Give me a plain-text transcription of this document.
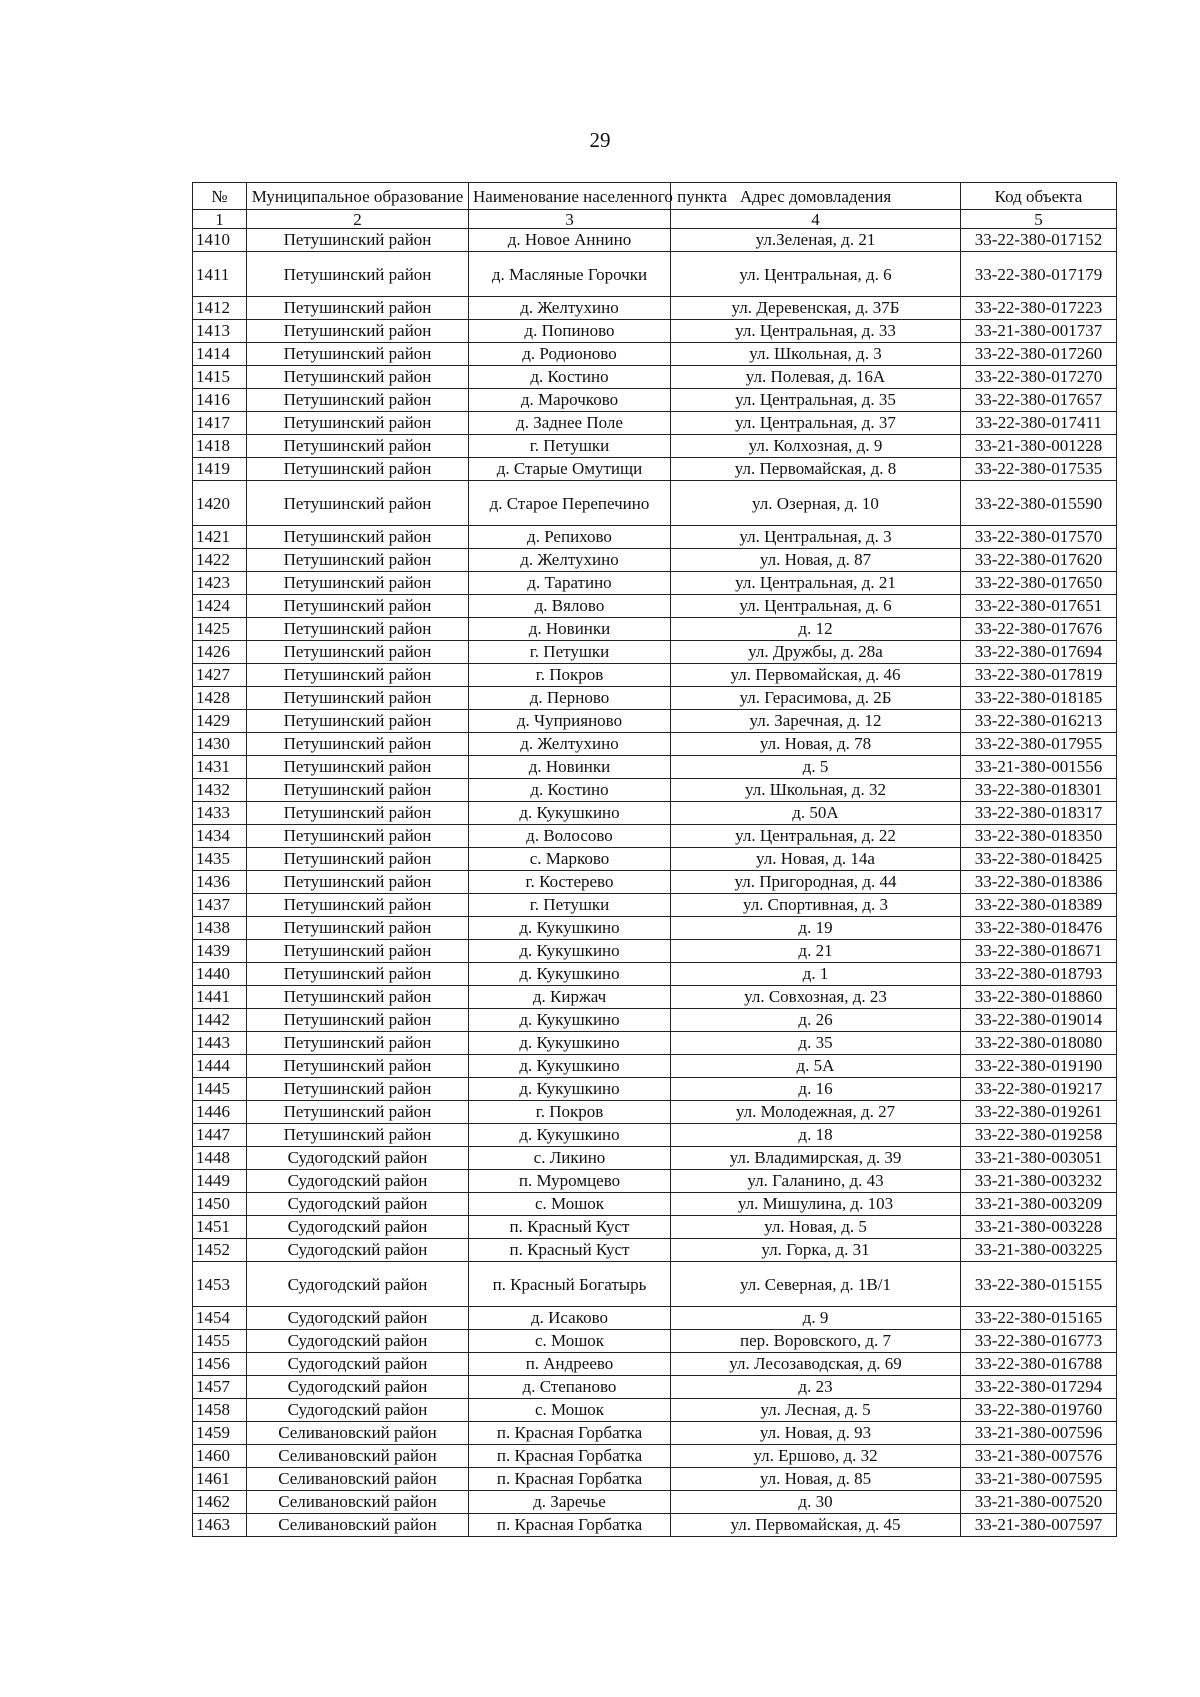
29
№	Муниципальное образование	Наименование населенного пункта	Адрес домовладения	Код объекта
1	2	3	4	5
1410	Петушинский район	д. Новое Аннино	ул.Зеленая, д. 21	33-22-380-017152
1411	Петушинский район	д. Масляные Горочки	ул. Центральная, д. 6	33-22-380-017179
1412	Петушинский район	д. Желтухино	ул. Деревенская, д. 37Б	33-22-380-017223
1413	Петушинский район	д. Попиново	ул. Центральная, д. 33	33-21-380-001737
1414	Петушинский район	д. Родионово	ул. Школьная, д. 3	33-22-380-017260
1415	Петушинский район	д. Костино	ул. Полевая, д. 16А	33-22-380-017270
1416	Петушинский район	д. Марочково	ул. Центральная, д. 35	33-22-380-017657
1417	Петушинский район	д. Заднее Поле	ул. Центральная, д. 37	33-22-380-017411
1418	Петушинский район	г. Петушки	ул. Колхозная, д. 9	33-21-380-001228
1419	Петушинский район	д. Старые Омутищи	ул. Первомайская, д. 8	33-22-380-017535
1420	Петушинский район	д. Старое Перепечино	ул. Озерная, д. 10	33-22-380-015590
1421	Петушинский район	д. Репихово	ул. Центральная, д. 3	33-22-380-017570
1422	Петушинский район	д. Желтухино	ул. Новая, д. 87	33-22-380-017620
1423	Петушинский район	д. Таратино	ул. Центральная, д. 21	33-22-380-017650
1424	Петушинский район	д. Вялово	ул. Центральная, д. 6	33-22-380-017651
1425	Петушинский район	д. Новинки	д. 12	33-22-380-017676
1426	Петушинский район	г. Петушки	ул. Дружбы, д. 28а	33-22-380-017694
1427	Петушинский район	г. Покров	ул. Первомайская, д. 46	33-22-380-017819
1428	Петушинский район	д. Перново	ул. Герасимова, д. 2Б	33-22-380-018185
1429	Петушинский район	д. Чуприяново	ул. Заречная, д. 12	33-22-380-016213
1430	Петушинский район	д. Желтухино	ул. Новая, д. 78	33-22-380-017955
1431	Петушинский район	д. Новинки	д. 5	33-21-380-001556
1432	Петушинский район	д. Костино	ул. Школьная, д. 32	33-22-380-018301
1433	Петушинский район	д. Кукушкино	д. 50А	33-22-380-018317
1434	Петушинский район	д. Волосово	ул. Центральная, д. 22	33-22-380-018350
1435	Петушинский район	с. Марково	ул. Новая, д. 14а	33-22-380-018425
1436	Петушинский район	г. Костерево	ул. Пригородная, д. 44	33-22-380-018386
1437	Петушинский район	г. Петушки	ул. Спортивная, д. 3	33-22-380-018389
1438	Петушинский район	д. Кукушкино	д. 19	33-22-380-018476
1439	Петушинский район	д. Кукушкино	д. 21	33-22-380-018671
1440	Петушинский район	д. Кукушкино	д. 1	33-22-380-018793
1441	Петушинский район	д. Киржач	ул. Совхозная, д. 23	33-22-380-018860
1442	Петушинский район	д. Кукушкино	д. 26	33-22-380-019014
1443	Петушинский район	д. Кукушкино	д. 35	33-22-380-018080
1444	Петушинский район	д. Кукушкино	д. 5А	33-22-380-019190
1445	Петушинский район	д. Кукушкино	д. 16	33-22-380-019217
1446	Петушинский район	г. Покров	ул. Молодежная, д. 27	33-22-380-019261
1447	Петушинский район	д. Кукушкино	д. 18	33-22-380-019258
1448	Судогодский район	с. Ликино	ул. Владимирская, д. 39	33-21-380-003051
1449	Судогодский район	п. Муромцево	ул. Галанино, д. 43	33-21-380-003232
1450	Судогодский район	с. Мошок	ул. Мишулина, д. 103	33-21-380-003209
1451	Судогодский район	п. Красный Куст	ул. Новая, д. 5	33-21-380-003228
1452	Судогодский район	п. Красный Куст	ул. Горка, д. 31	33-21-380-003225
1453	Судогодский район	п. Красный Богатырь	ул. Северная, д. 1В/1	33-22-380-015155
1454	Судогодский район	д. Исаково	д. 9	33-22-380-015165
1455	Судогодский район	с. Мошок	пер. Воровского, д. 7	33-22-380-016773
1456	Судогодский район	п. Андреево	ул. Лесозаводская, д. 69	33-22-380-016788
1457	Судогодский район	д. Степаново	д. 23	33-22-380-017294
1458	Судогодский район	с. Мошок	ул. Лесная, д. 5	33-22-380-019760
1459	Селивановский район	п. Красная Горбатка	ул. Новая, д. 93	33-21-380-007596
1460	Селивановский район	п. Красная Горбатка	ул. Ершово, д. 32	33-21-380-007576
1461	Селивановский район	п. Красная Горбатка	ул. Новая, д. 85	33-21-380-007595
1462	Селивановский район	д. Заречье	д. 30	33-21-380-007520
1463	Селивановский район	п. Красная Горбатка	ул. Первомайская, д. 45	33-21-380-007597
